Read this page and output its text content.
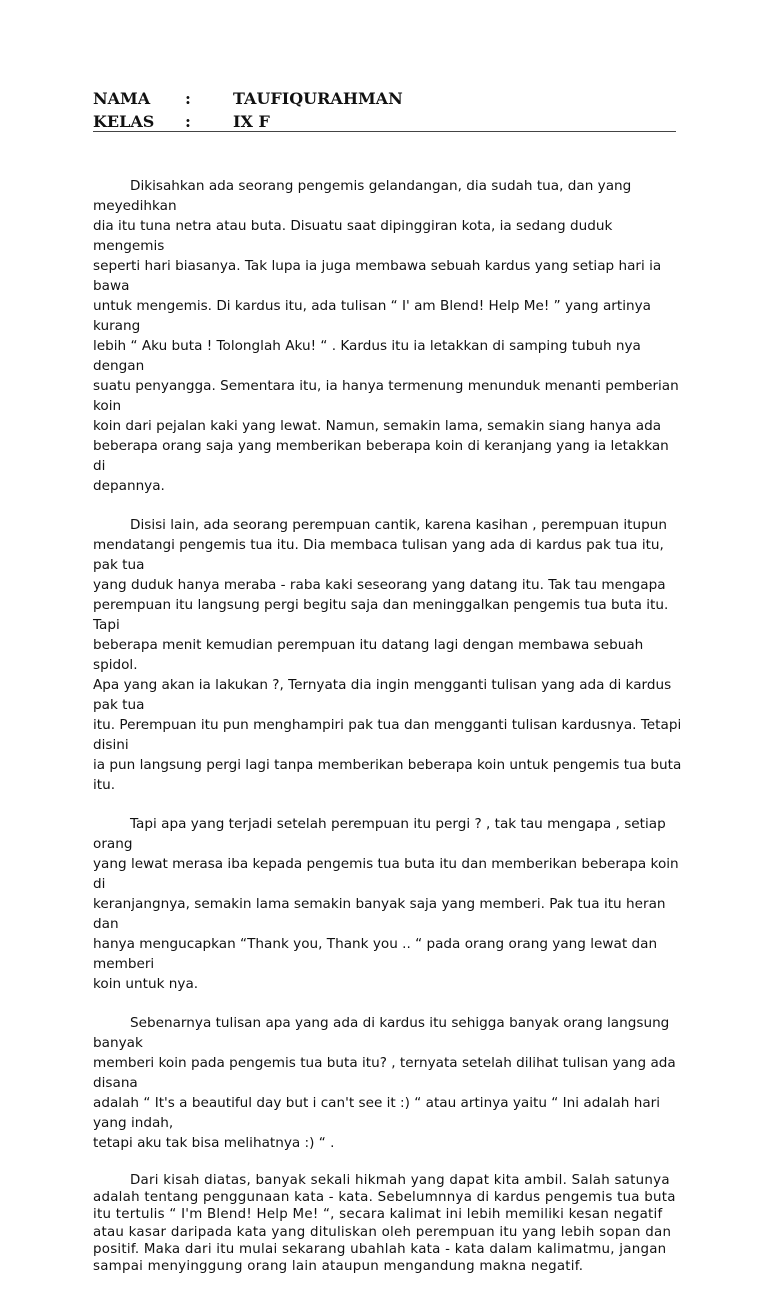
NAMA :	TAUFIQURAHMAN
KELAS :	IX F

Dikisahkan ada seorang pengemis gelandangan, dia sudah tua, dan yang meyedihkan
dia itu tuna netra atau buta. Disuatu saat dipinggiran kota, ia sedang duduk mengemis
seperti hari biasanya. Tak lupa ia juga membawa sebuah kardus yang setiap hari ia bawa
untuk mengemis. Di kardus itu, ada tulisan “ I' am Blend! Help Me! ” yang artinya kurang
lebih “ Aku buta ! Tolonglah Aku! “ . Kardus itu ia letakkan di samping tubuh nya dengan
suatu penyangga. Sementara itu, ia hanya termenung menunduk menanti pemberian koin
koin dari pejalan kaki yang lewat. Namun, semakin lama, semakin siang hanya ada
beberapa orang saja yang memberikan beberapa koin di keranjang yang ia letakkan di
depannya.

Disisi lain, ada seorang perempuan cantik, karena kasihan , perempuan itupun
mendatangi pengemis tua itu. Dia membaca tulisan yang ada di kardus pak tua itu, pak tua
yang duduk hanya meraba - raba kaki seseorang yang datang itu. Tak tau mengapa
perempuan itu langsung pergi begitu saja dan meninggalkan pengemis tua buta itu. Tapi
beberapa menit kemudian perempuan itu datang lagi dengan membawa sebuah spidol.
Apa yang akan ia lakukan ?, Ternyata dia ingin mengganti tulisan yang ada di kardus pak tua
itu. Perempuan itu pun menghampiri pak tua dan mengganti tulisan kardusnya. Tetapi disini
ia pun langsung pergi lagi tanpa memberikan beberapa koin untuk pengemis tua buta itu.

Tapi apa yang terjadi setelah perempuan itu pergi ? , tak tau mengapa , setiap orang
yang lewat merasa iba kepada pengemis tua buta itu dan memberikan beberapa koin di
keranjangnya, semakin lama semakin banyak saja yang memberi. Pak tua itu heran dan
hanya mengucapkan “Thank you, Thank you .. “ pada orang orang yang lewat dan memberi
koin untuk nya.

Sebenarnya tulisan apa yang ada di kardus itu sehigga banyak orang langsung banyak
memberi koin pada pengemis tua buta itu? , ternyata setelah dilihat tulisan yang ada disana
adalah “ It's a beautiful day but i can't see it :) “ atau artinya yaitu “ Ini adalah hari yang indah,
tetapi aku tak bisa melihatnya :) “ .

Dari kisah diatas, banyak sekali hikmah yang dapat kita ambil. Salah satunya
adalah tentang penggunaan kata - kata. Sebelumnnya di kardus pengemis tua buta
itu tertulis “ I'm Blend! Help Me! “, secara kalimat ini lebih memiliki kesan negatif
atau kasar daripada kata yang dituliskan oleh perempuan itu yang lebih sopan dan
positif. Maka dari itu mulai sekarang ubahlah kata - kata dalam kalimatmu, jangan
sampai menyinggung orang lain ataupun mengandung makna negatif.
